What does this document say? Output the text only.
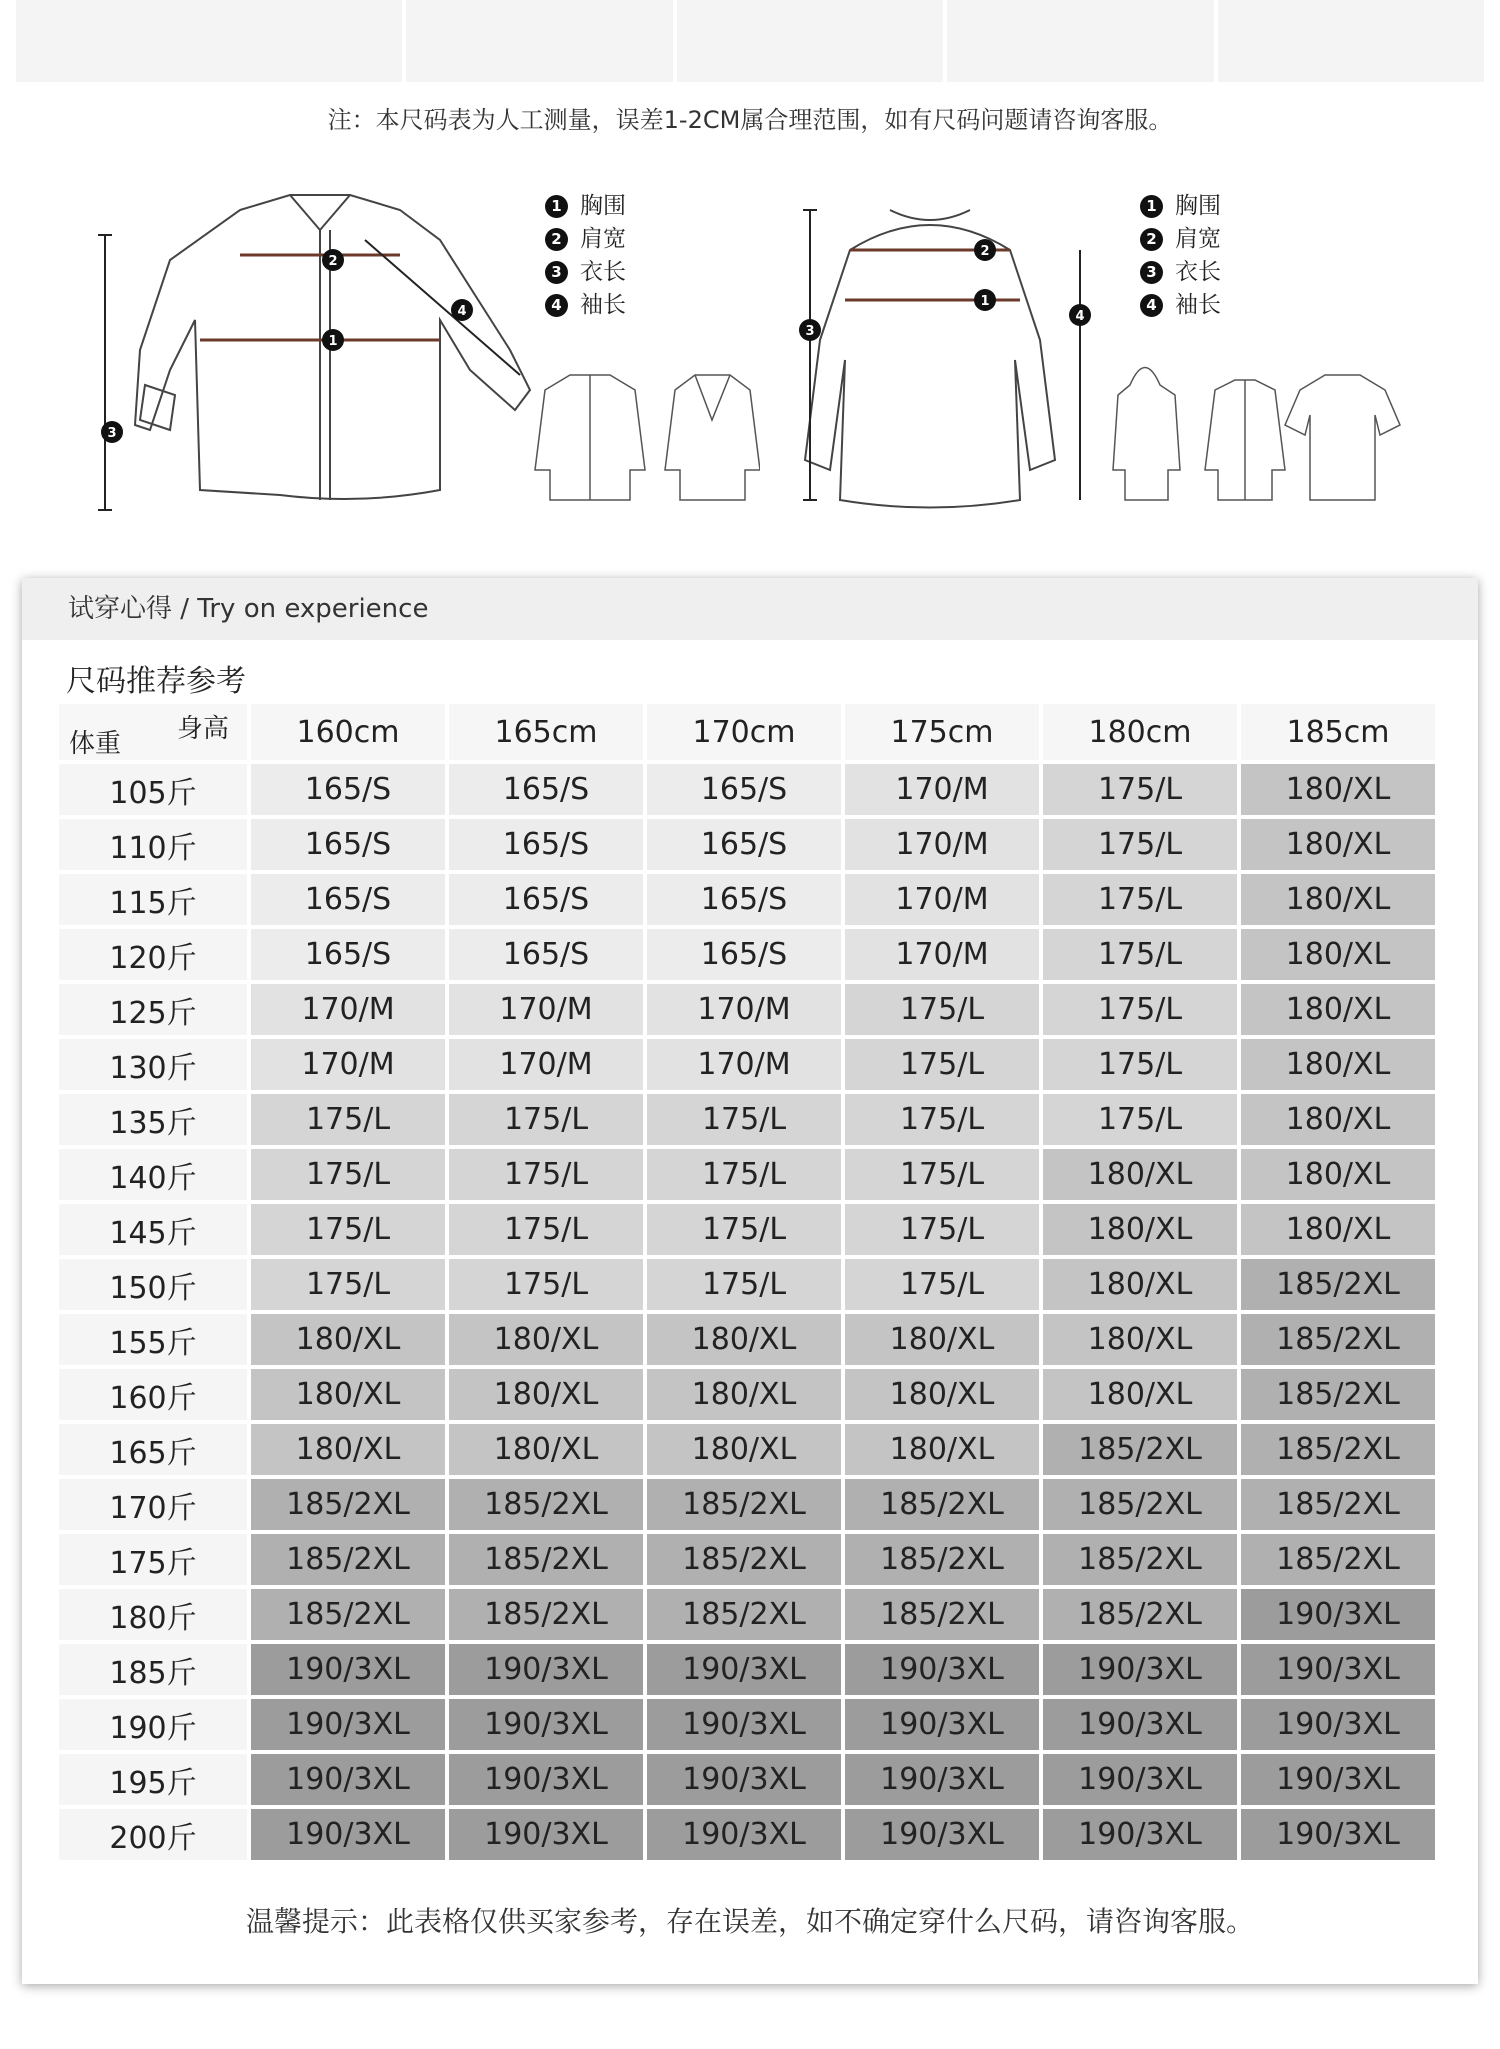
注：本尺码表为人工测量，误差1-2CM属合理范围，如有尺码问题请咨询客服。
1
2
3
4
1 胸围
2 肩宽
3 衣长
4 袖长	1
2
3
4
1 胸围
2 肩宽
3 衣长
4 袖长
试穿心得 / Try on experience
尺码推荐参考
身高
体重	160cm	165cm	170cm	175cm	180cm	185cm
105斤	165/S	165/S	165/S	170/M	175/L	180/XL
110斤	165/S	165/S	165/S	170/M	175/L	180/XL
115斤	165/S	165/S	165/S	170/M	175/L	180/XL
120斤	165/S	165/S	165/S	170/M	175/L	180/XL
125斤	170/M	170/M	170/M	175/L	175/L	180/XL
130斤	170/M	170/M	170/M	175/L	175/L	180/XL
135斤	175/L	175/L	175/L	175/L	175/L	180/XL
140斤	175/L	175/L	175/L	175/L	180/XL	180/XL
145斤	175/L	175/L	175/L	175/L	180/XL	180/XL
150斤	175/L	175/L	175/L	175/L	180/XL	185/2XL
155斤	180/XL	180/XL	180/XL	180/XL	180/XL	185/2XL
160斤	180/XL	180/XL	180/XL	180/XL	180/XL	185/2XL
165斤	180/XL	180/XL	180/XL	180/XL	185/2XL	185/2XL
170斤	185/2XL	185/2XL	185/2XL	185/2XL	185/2XL	185/2XL
175斤	185/2XL	185/2XL	185/2XL	185/2XL	185/2XL	185/2XL
180斤	185/2XL	185/2XL	185/2XL	185/2XL	185/2XL	190/3XL
185斤	190/3XL	190/3XL	190/3XL	190/3XL	190/3XL	190/3XL
190斤	190/3XL	190/3XL	190/3XL	190/3XL	190/3XL	190/3XL
195斤	190/3XL	190/3XL	190/3XL	190/3XL	190/3XL	190/3XL
200斤	190/3XL	190/3XL	190/3XL	190/3XL	190/3XL	190/3XL
温馨提示：此表格仅供买家参考，存在误差，如不确定穿什么尺码，请咨询客服。
